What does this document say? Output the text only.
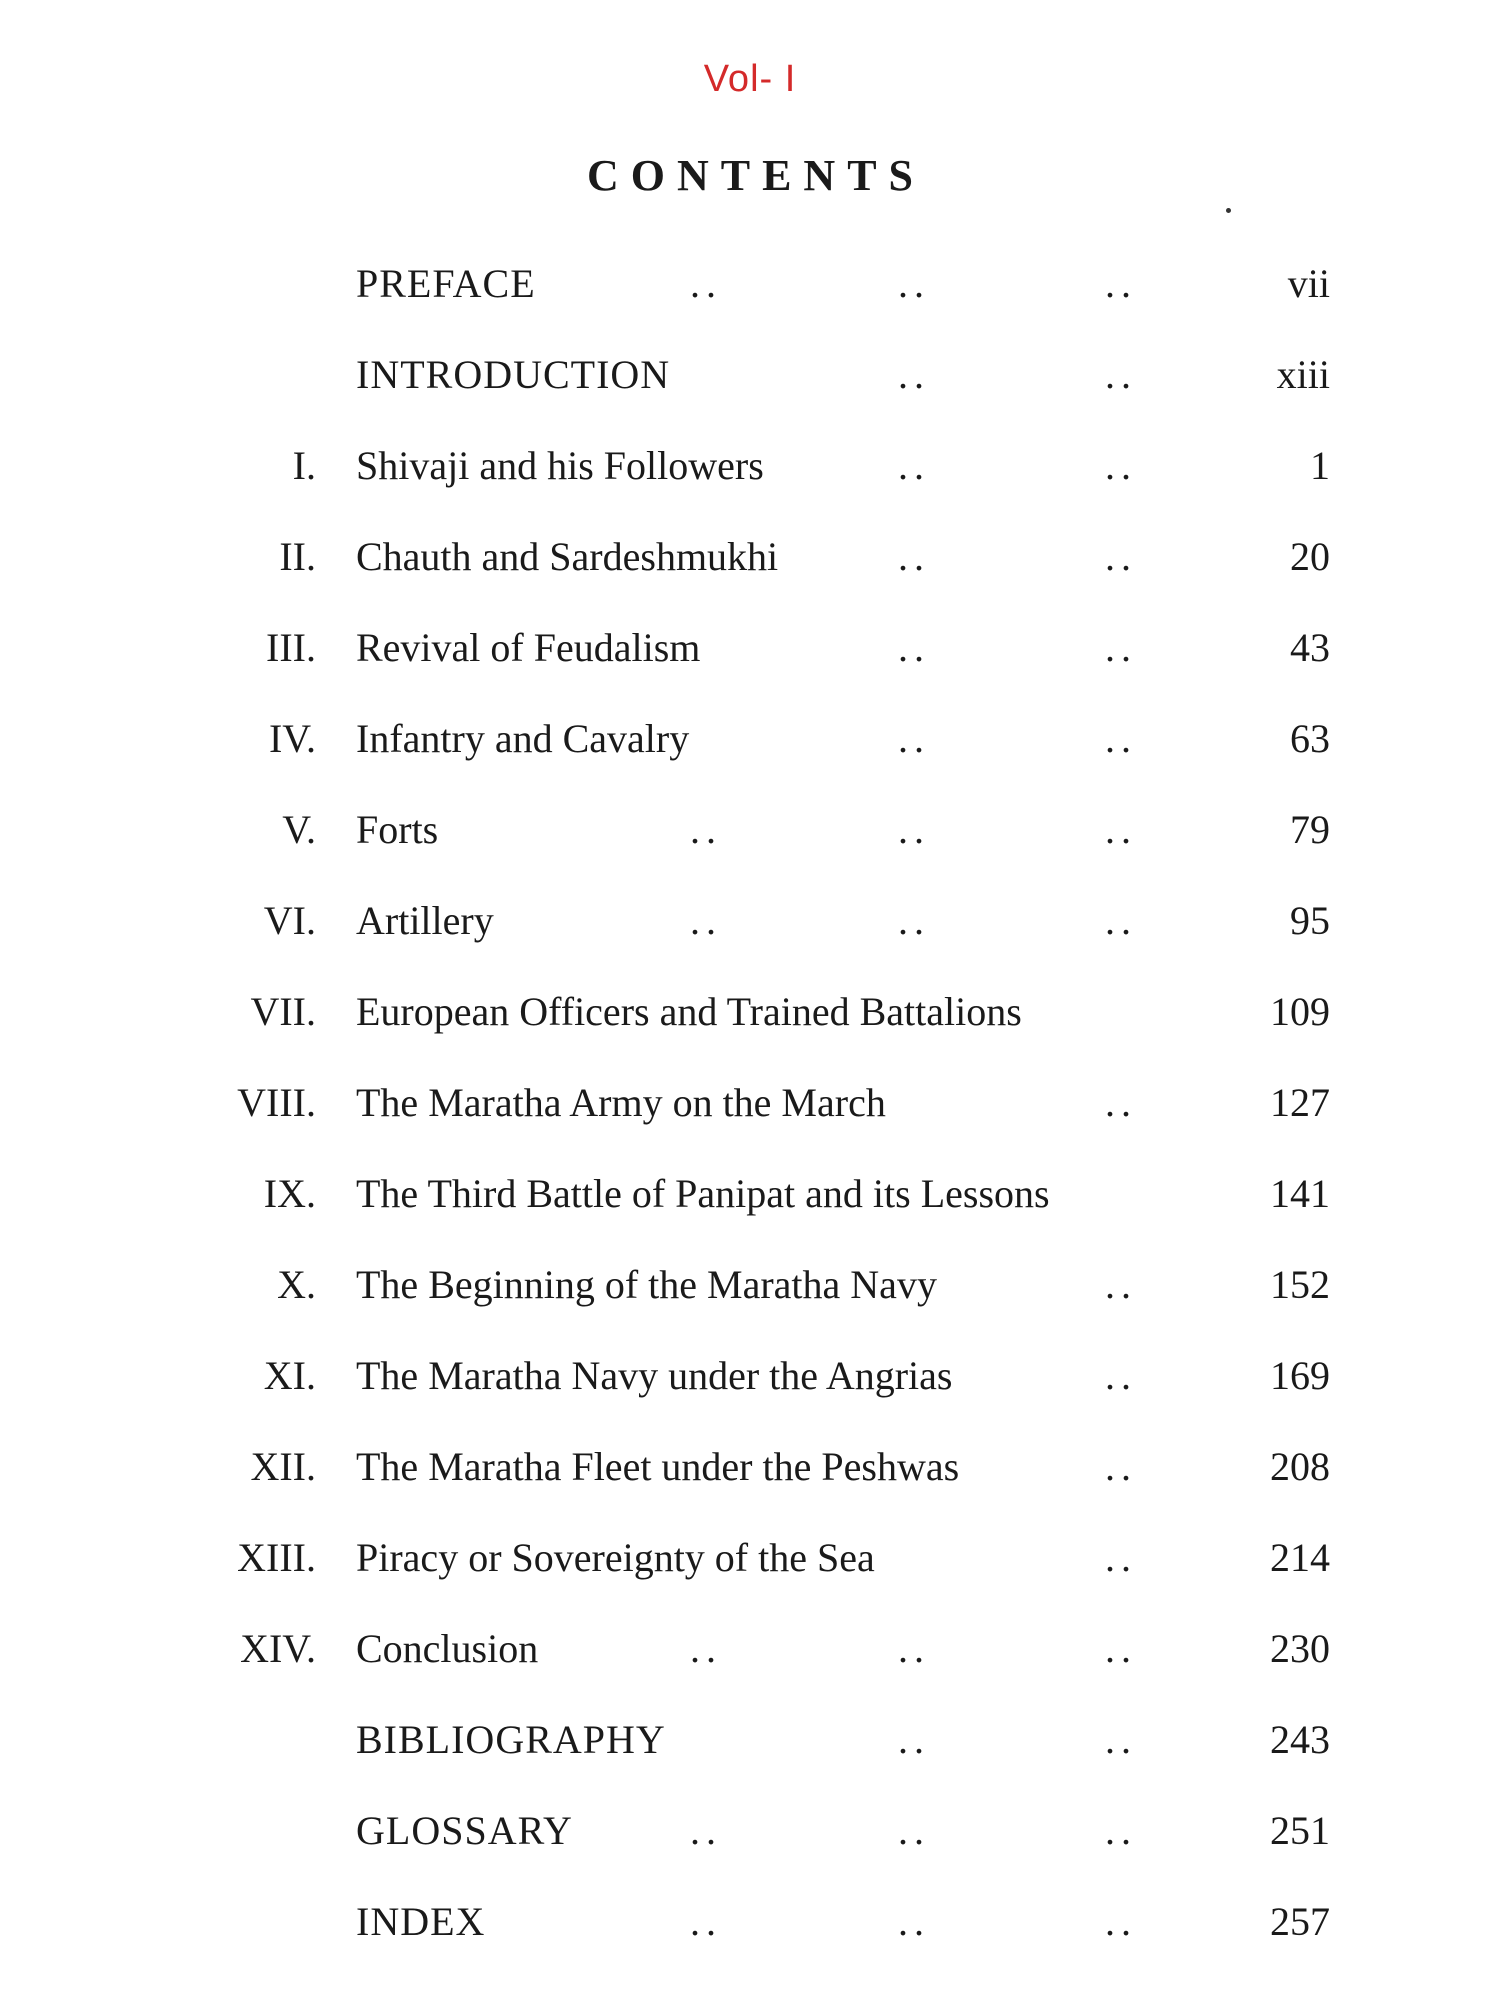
Vol- I
CONTENTS
PREFACE	..	..	..	vii
INTRODUCTION	..	..	xiii
I. Shivaji and his Followers	..	..	1
II. Chauth and Sardeshmukhi	..	..	20
III. Revival of Feudalism	..	..	43
IV. Infantry and Cavalry	..	..	63
V. Forts	..	..	..	79
VI. Artillery	..	..	..	95
VII. European Officers and Trained Battalions	109
VIII. The Maratha Army on the March	..	127
IX. The Third Battle of Panipat and its Lessons	141
X. The Beginning of the Maratha Navy	..	152
XI. The Maratha Navy under the Angrias	..	169
XII. The Maratha Fleet under the Peshwas	..	208
XIII. Piracy or Sovereignty of the Sea	..	214
XIV. Conclusion	..	..	..	230
BIBLIOGRAPHY	..	..	243
GLOSSARY	..	..	..	251
INDEX	..	..	..	257
